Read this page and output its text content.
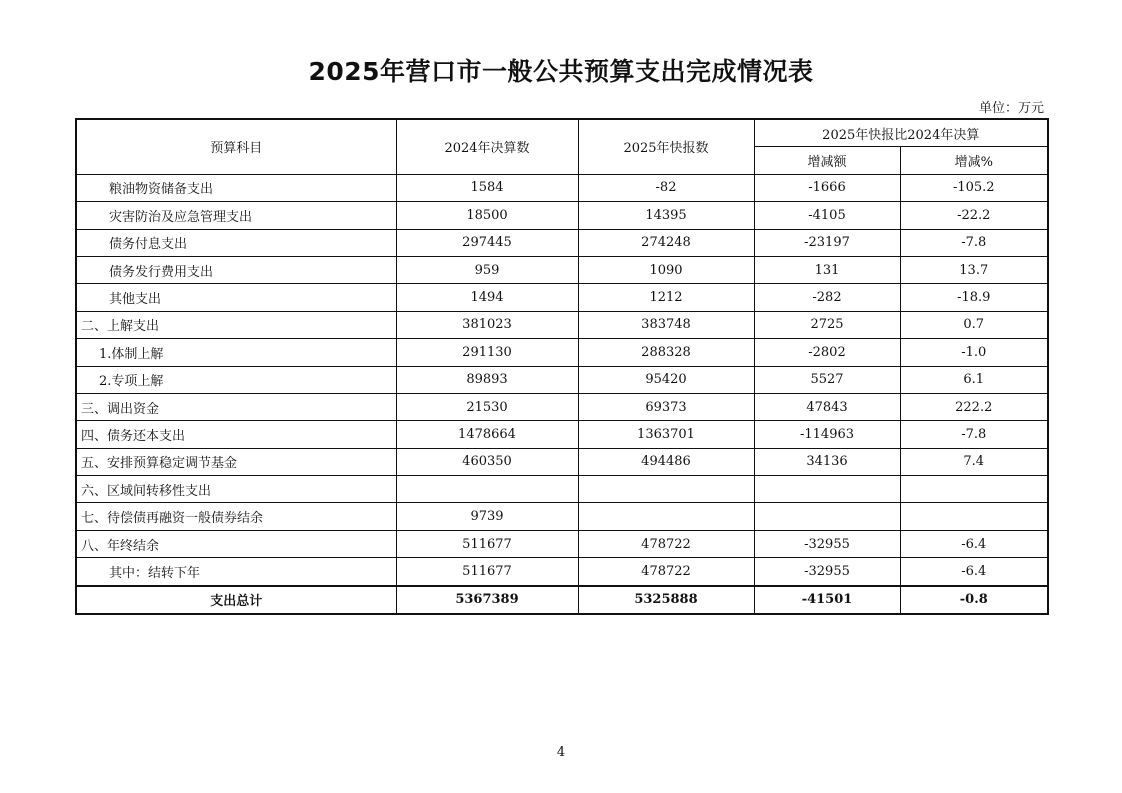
2025年营口市一般公共预算支出完成情况表
单位：万元
预算科目	2024年决算数	2025年快报数	2025年快报比2024年决算	
			增减额	增减%
粮油物资储备支出	1584	-82	-1666	-105.2
灾害防治及应急管理支出	18500	14395	-4105	-22.2
债务付息支出	297445	274248	-23197	-7.8
债务发行费用支出	959	1090	131	13.7
其他支出	1494	1212	-282	-18.9
二、上解支出	381023	383748	2725	0.7
1.体制上解	291130	288328	-2802	-1.0
2.专项上解	89893	95420	5527	6.1
三、调出资金	21530	69373	47843	222.2
四、债务还本支出	1478664	1363701	-114963	-7.8
五、安排预算稳定调节基金	460350	494486	34136	7.4
六、区域间转移性支出				
七、待偿债再融资一般债券结余	9739			
八、年终结余	511677	478722	-32955	-6.4
其中：结转下年	511677	478722	-32955	-6.4
支出总计	5367389	5325888	-41501	-0.8
4
